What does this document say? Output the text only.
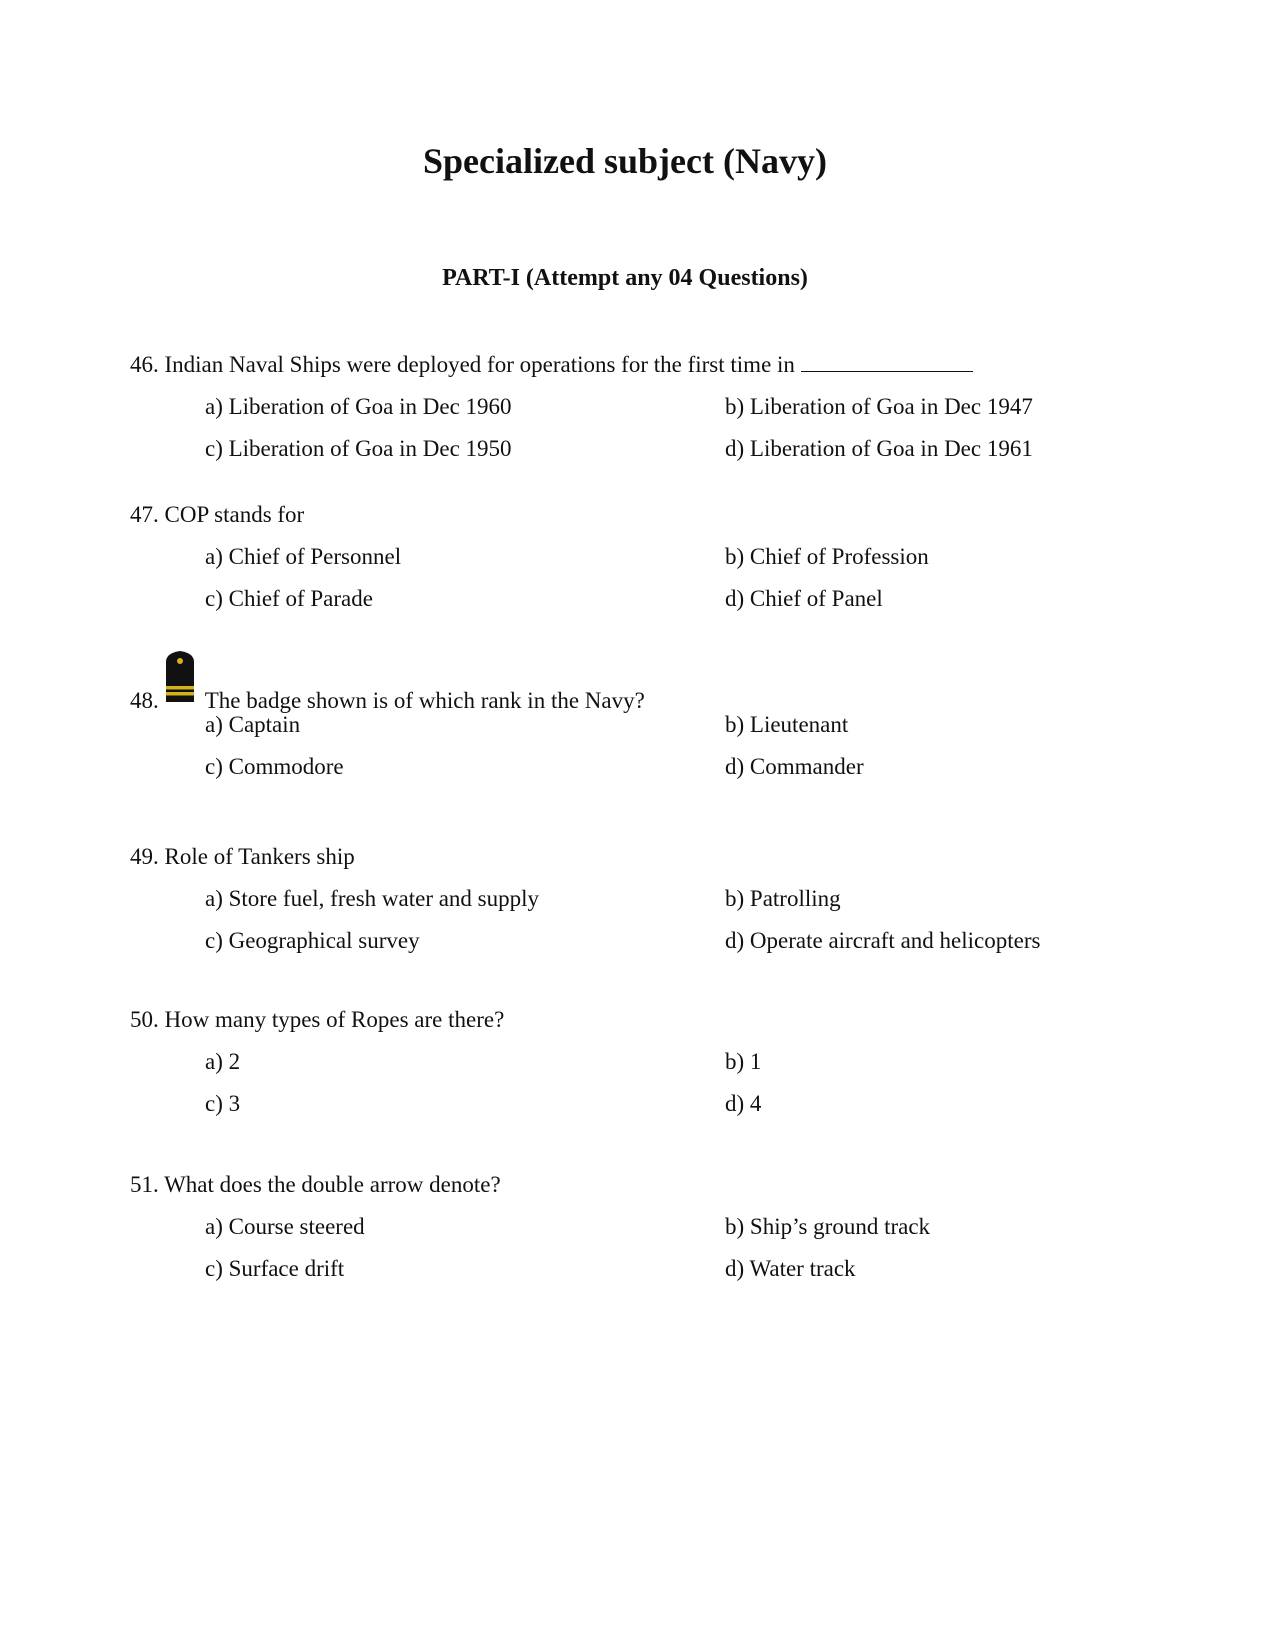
Specialized subject (Navy)
PART-I (Attempt any 04 Questions)
46. Indian Naval Ships were deployed for operations for the first time in
a) Liberation of Goa in Dec 1960	b) Liberation of Goa in Dec 1947
c) Liberation of Goa in Dec 1950	d) Liberation of Goa in Dec 1961
47. COP stands for
a) Chief of Personnel	b) Chief of Profession
c) Chief of Parade	d) Chief of Panel
48. The badge shown is of which rank in the Navy?
a) Captain	b) Lieutenant
c) Commodore	d) Commander
49. Role of Tankers ship
a) Store fuel, fresh water and supply	b) Patrolling
c) Geographical survey	d) Operate aircraft and helicopters
50. How many types of Ropes are there?
a) 2	b) 1
c) 3	d) 4
51. What does the double arrow denote?
a) Course steered	b) Ship’s ground track
c) Surface drift	d) Water track
